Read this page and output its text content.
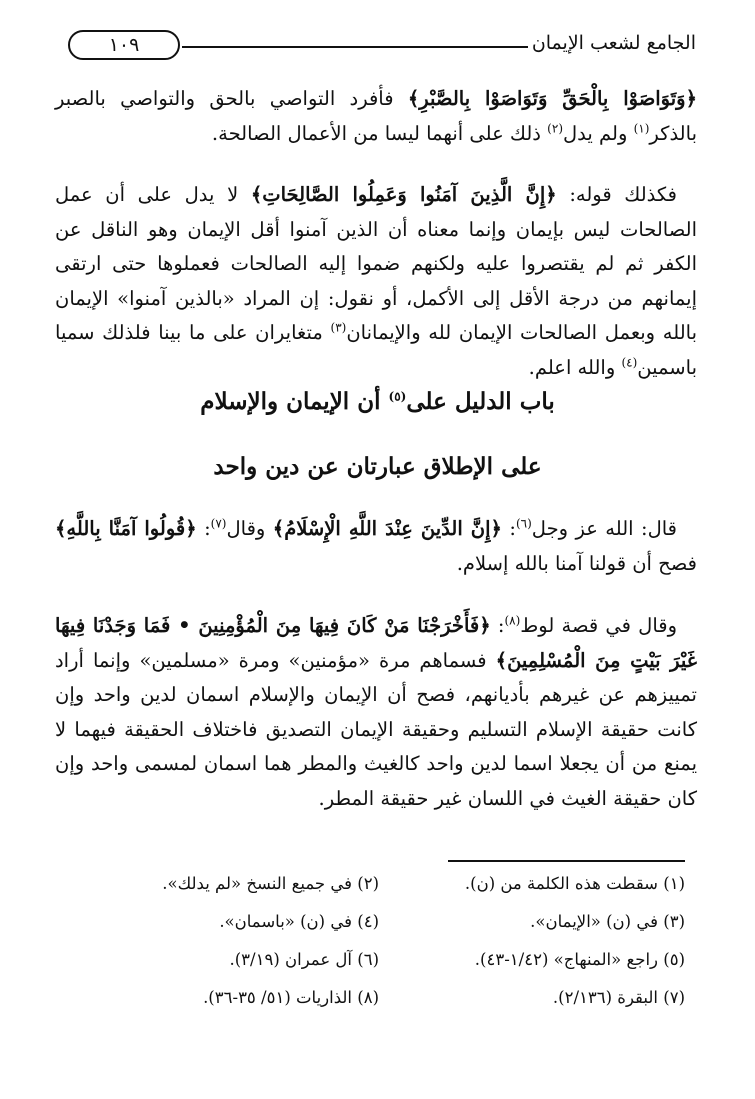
الجامع لشعب الإيمان
١٠٩

﴿وَتَوَاصَوْا بِالْحَقِّ وَتَوَاصَوْا بِالصَّبْرِ﴾ فأفرد التواصي بالحق والتواصي بالصبر بالذكر$^{(١)}$ ولم يدل$^{(٢)}$ ذلك على أنهما ليسا من الأعمال الصالحة.

فكذلك قوله: ﴿إِنَّ الَّذِينَ آمَنُوا وَعَمِلُوا الصَّالِحَاتِ﴾ لا يدل على أن عمل الصالحات ليس بإيمان وإنما معناه أن الذين آمنوا أقل الإيمان وهو الناقل عن الكفر ثم لم يقتصروا عليه ولكنهم ضموا إليه الصالحات فعملوها حتى ارتقى إيمانهم من درجة الأقل إلى الأكمل، أو نقول: إن المراد «بالذين آمنوا» الإيمان بالله وبعمل الصالحات الإيمان لله والإيمانان$^{(٣)}$ متغايران على ما بينا فلذلك سميا باسمين$^{(٤)}$ والله اعلم.

باب الدليل على$^{(٥)}$ أن الإيمان والإسلام
على الإطلاق عبارتان عن دين واحد

قال: الله عز وجل$^{(٦)}$: ﴿إِنَّ الدِّينَ عِنْدَ اللَّهِ الْإِسْلَامُ﴾ وقال$^{(٧)}$: ﴿قُولُوا آمَنَّا بِاللَّهِ﴾ فصح أن قولنا آمنا بالله إسلام.

وقال في قصة لوط$^{(٨)}$: ﴿فَأَخْرَجْنَا مَنْ كَانَ فِيهَا مِنَ الْمُؤْمِنِينَ • فَمَا وَجَدْنَا فِيهَا غَيْرَ بَيْتٍ مِنَ الْمُسْلِمِينَ﴾ فسماهم مرة «مؤمنين» ومرة «مسلمين» وإنما أراد تمييزهم عن غيرهم بأديانهم، فصح أن الإيمان والإسلام اسمان لدين واحد وإن كانت حقيقة الإسلام التسليم وحقيقة الإيمان التصديق فاختلاف الحقيقة فيهما لا يمنع من أن يجعلا اسما لدين واحد كالغيث والمطر هما اسمان لمسمى واحد وإن كان حقيقة الغيث في اللسان غير حقيقة المطر.

(١) سقطت هذه الكلمة من (ن).
(٢) في جميع النسخ «لم يدلك».
(٣) في (ن) «الإيمان».
(٤) في (ن) «باسمان».
(٥) راجع «المنهاج» (١/٤٢-٤٣).
(٦) آل عمران (٣/١٩).
(٧) البقرة (٢/١٣٦).
(٨) الذاريات (٥١/ ٣٥-٣٦).
